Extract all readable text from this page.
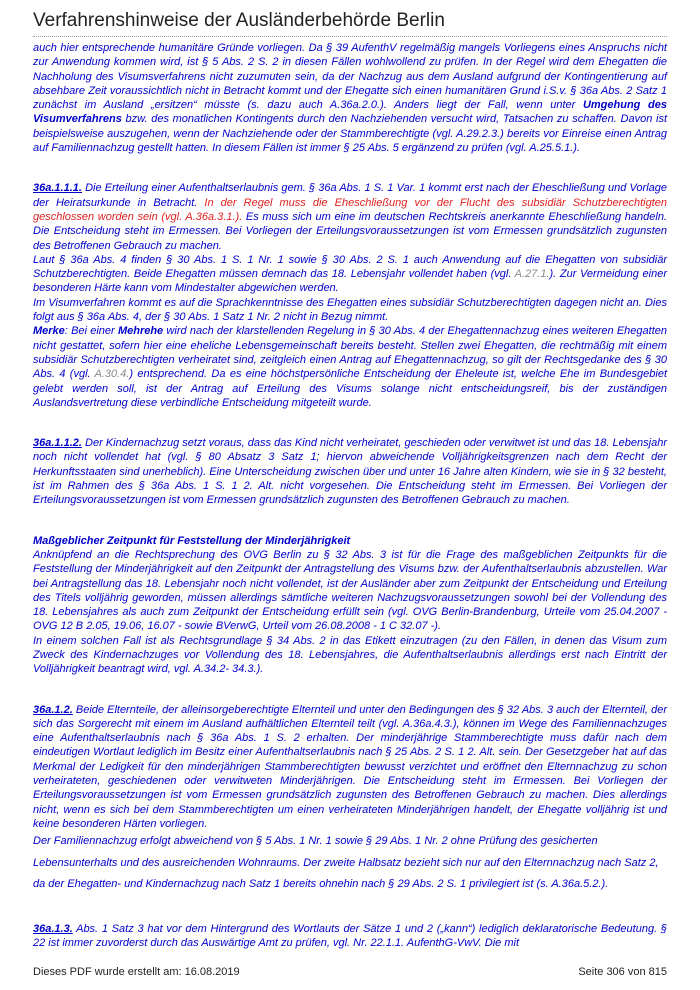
Verfahrenshinweise der Ausländerbehörde Berlin

auch hier entsprechende humanitäre Gründe vorliegen. Da § 39 AufenthV regelmäßig mangels Vorliegens eines Anspruchs nicht zur Anwendung kommen wird, ist § 5 Abs. 2 S. 2 in diesen Fällen wohlwollend zu prüfen. In der Regel wird dem Ehegatten die Nachholung des Visumsverfahrens nicht zuzumuten sein, da der Nachzug aus dem Ausland aufgrund der Kontingentierung auf absehbare Zeit voraussichtlich nicht in Betracht kommt und der Ehegatte sich einen humanitären Grund i.S.v. § 36a Abs. 2 Satz 1 zunächst im Ausland „ersitzen“ müsste (s. dazu auch A.36a.2.0.). Anders liegt der Fall, wenn unter Umgehung des Visumverfahrens bzw. des monatlichen Kontingents durch den Nachziehenden versucht wird, Tatsachen zu schaffen. Davon ist beispielsweise auszugehen, wenn der Nachziehende oder der Stammberechtigte (vgl. A.29.2.3.) bereits vor Einreise einen Antrag auf Familiennachzug gestellt hatten. In diesem Fällen ist immer § 25 Abs. 5 ergänzend zu prüfen (vgl. A.25.5.1.).

36a.1.1.1. Die Erteilung einer Aufenthaltserlaubnis gem. § 36a Abs. 1 S. 1 Var. 1 kommt erst nach der Eheschließung und Vorlage der Heiratsurkunde in Betracht. In der Regel muss die Eheschließung vor der Flucht des subsidiär Schutzberechtigten geschlossen worden sein (vgl. A.36a.3.1.). Es muss sich um eine im deutschen Rechtskreis anerkannte Eheschließung handeln. Die Entscheidung steht im Ermessen. Bei Vorliegen der Erteilungsvoraussetzungen ist vom Ermessen grundsätzlich zugunsten des Betroffenen Gebrauch zu machen.

Laut § 36a Abs. 4 finden § 30 Abs. 1 S. 1 Nr. 1 sowie § 30 Abs. 2 S. 1 auch Anwendung auf die Ehegatten von subsidiär Schutzberechtigten. Beide Ehegatten müssen demnach das 18. Lebensjahr vollendet haben (vgl. A.27.1.). Zur Vermeidung einer besonderen Härte kann vom Mindestalter abgewichen werden.

Im Visumverfahren kommt es auf die Sprachkenntnisse des Ehegatten eines subsidiär Schutzberechtigten dagegen nicht an. Dies folgt aus § 36a Abs. 4, der § 30 Abs. 1 Satz 1 Nr. 2 nicht in Bezug nimmt.

Merke: Bei einer Mehrehe wird nach der klarstellenden Regelung in § 30 Abs. 4 der Ehegattennachzug eines weiteren Ehegatten nicht gestattet, sofern hier eine eheliche Lebensgemeinschaft bereits besteht. Stellen zwei Ehegatten, die rechtmäßig mit einem subsidiär Schutzberechtigten verheiratet sind, zeitgleich einen Antrag auf Ehegattennachzug, so gilt der Rechtsgedanke des § 30 Abs. 4 (vgl. A.30.4.) entsprechend. Da es eine höchstpersönliche Entscheidung der Eheleute ist, welche Ehe im Bundesgebiet gelebt werden soll, ist der Antrag auf Erteilung des Visums solange nicht entscheidungsreif, bis der zuständigen Auslandsvertretung diese verbindliche Entscheidung mitgeteilt wurde.

36a.1.1.2. Der Kindernachzug setzt voraus, dass das Kind nicht verheiratet, geschieden oder verwitwet ist und das 18. Lebensjahr noch nicht vollendet hat (vgl. § 80 Absatz 3 Satz 1; hiervon abweichende Volljährigkeitsgrenzen nach dem Recht der Herkunftsstaaten sind unerheblich). Eine Unterscheidung zwischen über und unter 16 Jahre alten Kindern, wie sie in § 32 besteht, ist im Rahmen des § 36a Abs. 1 S. 1 2. Alt. nicht vorgesehen. Die Entscheidung steht im Ermessen. Bei Vorliegen der Erteilungsvoraussetzungen ist vom Ermessen grundsätzlich zugunsten des Betroffenen Gebrauch zu machen.

Maßgeblicher Zeitpunkt für Feststellung der Minderjährigkeit

Anknüpfend an die Rechtsprechung des OVG Berlin zu § 32 Abs. 3 ist für die Frage des maßgeblichen Zeitpunkts für die Feststellung der Minderjährigkeit auf den Zeitpunkt der Antragstellung des Visums bzw. der Aufenthaltserlaubnis abzustellen. War bei Antragstellung das 18. Lebensjahr noch nicht vollendet, ist der Ausländer aber zum Zeitpunkt der Entscheidung und Erteilung des Titels volljährig geworden, müssen allerdings sämtliche weiteren Nachzugsvoraussetzungen sowohl bei der Vollendung des 18. Lebensjahres als auch zum Zeitpunkt der Entscheidung erfüllt sein (vgl. OVG Berlin-Brandenburg, Urteile vom 25.04.2007 - OVG 12 B 2.05, 19.06, 16.07 - sowie BVerwG, Urteil vom 26.08.2008 - 1 C 32.07 -).

In einem solchen Fall ist als Rechtsgrundlage § 34 Abs. 2 in das Etikett einzutragen (zu den Fällen, in denen das Visum zum Zweck des Kindernachzuges vor Vollendung des 18. Lebensjahres, die Aufenthaltserlaubnis allerdings erst nach Eintritt der Volljährigkeit beantragt wird, vgl. A.34.2- 34.3.).

36a.1.2. Beide Elternteile, der alleinsorgeberechtigte Elternteil und unter den Bedingungen des § 32 Abs. 3 auch der Elternteil, der sich das Sorgerecht mit einem im Ausland aufhältlichen Elternteil teilt (vgl. A.36a.4.3.), können im Wege des Familiennachzuges eine Aufenthaltserlaubnis nach § 36a Abs. 1 S. 2 erhalten. Der minderjährige Stammberechtigte muss dafür nach dem eindeutigen Wortlaut lediglich im Besitz einer Aufenthaltserlaubnis nach § 25 Abs. 2 S. 1 2. Alt. sein. Der Gesetzgeber hat auf das Merkmal der Ledigkeit für den minderjährigen Stammberechtigten bewusst verzichtet und eröffnet den Elternnachzug zu schon verheirateten, geschiedenen oder verwitweten Minderjährigen. Die Entscheidung steht im Ermessen. Bei Vorliegen der Erteilungsvoraussetzungen ist vom Ermessen grundsätzlich zugunsten des Betroffenen Gebrauch zu machen. Dies allerdings nicht, wenn es sich bei dem Stammberechtigten um einen verheirateten Minderjährigen handelt, der Ehegatte volljährig ist und keine besonderen Härten vorliegen.

Der Familiennachzug erfolgt abweichend von § 5 Abs. 1 Nr. 1 sowie § 29 Abs. 1 Nr. 2 ohne Prüfung des gesicherten Lebensunterhalts und des ausreichenden Wohnraums. Der zweite Halbsatz bezieht sich nur auf den Elternnachzug nach Satz 2, da der Ehegatten- und Kindernachzug nach Satz 1 bereits ohnehin nach § 29 Abs. 2 S. 1 privilegiert ist (s. A.36a.5.2.).

36a.1.3. Abs. 1 Satz 3 hat vor dem Hintergrund des Wortlauts der Sätze 1 und 2 („kann“) lediglich deklaratorische Bedeutung. § 22 ist immer zuvorderst durch das Auswärtige Amt zu prüfen, vgl. Nr. 22.1.1. AufenthG-VwV. Die mit

Dieses PDF wurde erstellt am: 16.08.2019	Seite 306 von 815
